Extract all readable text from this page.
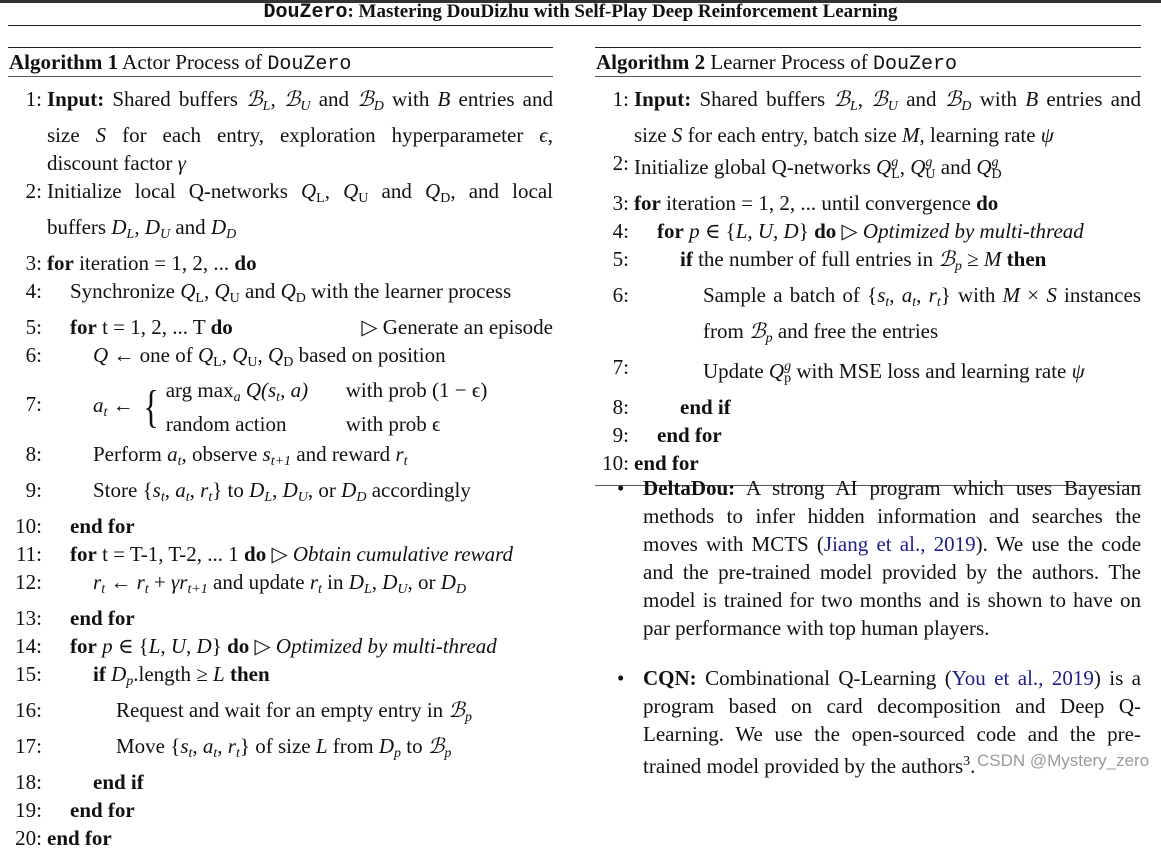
DouZero: Mastering DouDizhu with Self-Play Deep Reinforcement Learning
Algorithm 1 Actor Process of DouZero
1: Input: Shared buffers ℬL, ℬU and ℬD with B entries and size S for each entry, exploration hyperparameter ϵ, discount factor γ
2: Initialize local Q-networks $Q_L$, $Q_U$ and $Q_D$, and local buffers DL, DU and DD
3: for iteration = 1, 2, ... do
4: Synchronize $Q_L$, $Q_U$ and $Q_D$ with the learner process
5: for t = 1, 2, ... T do	▷ Generate an episode
6: Q ← one of $Q_L$, $Q_U$, $Q_D$ based on position
7: at ← { arg maxa Q(st, a) with prob (1 − ϵ)
random action	with prob ϵ
8: Perform at, observe st+1 and reward rt
9: Store {st, at, rt} to DL, DU, or DD accordingly
10: end for
11: for t = T-1, T-2, ... 1 do ▷ Obtain cumulative reward
12: rt ← rt + γrt+1 and update rt in DL, DU, or DD
13: end for
14: for p ∈ {L, U, D} do ▷ Optimized by multi-thread
15: if Dp.length ≥ L then
16:	Request and wait for an empty entry in ℬp
17:	Move {st, at, rt} of size L from Dp to ℬp
18: end if
19: end for
20: end for
Algorithm 2 Learner Process of DouZero
1: Input: Shared buffers ℬL, ℬU and ℬD with B entries and size S for each entry, batch size M, learning rate ψ
2: Initialize global Q-networks $Qg_L$, $Qg_U$ and $Qg_D$
3: for iteration = 1, 2, ... until convergence do
4: for p ∈ {L, U, D} do ▷ Optimized by multi-thread
5: if the number of full entries in ℬp ≥ M then
6:	Sample a batch of {st, at, rt} with M × S instances from ℬp and free the entries
7:	Update $Qg_p$ with MSE loss and learning rate ψ
8: end if
9: end for
10: end for
• DeltaDou: A strong AI program which uses Bayesian methods to infer hidden information and searches the moves with MCTS (Jiang et al., 2019). We use the code and the pre-trained model provided by the authors. The model is trained for two months and is shown to have on par performance with top human players.
• CQN: Combinational Q-Learning (You et al., 2019) is a program based on card decomposition and Deep Q-Learning. We use the open-sourced code and the pre-trained model provided by the authors$^3$. CSDN @Mystery_zero
